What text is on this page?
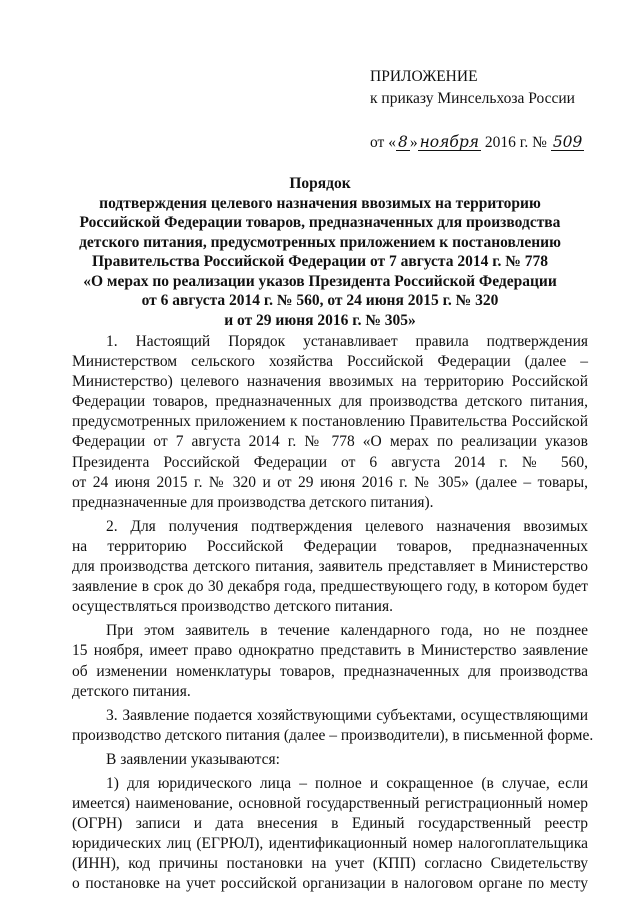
ПРИЛОЖЕНИЕ
к приказу Минсельхоза России
от « 8 » ноября 2016 г. № 509
Порядок
подтверждения целевого назначения ввозимых на территорию
Российской Федерации товаров, предназначенных для производства
детского питания, предусмотренных приложением к постановлению
Правительства Российской Федерации от 7 августа 2014 г. № 778
«О мерах по реализации указов Президента Российской Федерации
от 6 августа 2014 г. № 560, от 24 июня 2015 г. № 320
и от 29 июня 2016 г. № 305»
1. Настоящий Порядок устанавливает правила подтверждения
Министерством сельского хозяйства Российской Федерации (далее –
Министерство) целевого назначения ввозимых на территорию Российской
Федерации товаров, предназначенных для производства детского питания,
предусмотренных приложением к постановлению Правительства Российской
Федерации от 7 августа 2014 г. № 778 «О мерах по реализации указов
Президента Российской Федерации от 6 августа 2014 г. № 560,
от 24 июня 2015 г. № 320 и от 29 июня 2016 г. № 305» (далее – товары,
предназначенные для производства детского питания).
2. Для получения подтверждения целевого назначения ввозимых
на территорию Российской Федерации товаров, предназначенных
для производства детского питания, заявитель представляет в Министерство
заявление в срок до 30 декабря года, предшествующего году, в котором будет
осуществляться производство детского питания.
При этом заявитель в течение календарного года, но не позднее
15 ноября, имеет право однократно представить в Министерство заявление
об изменении номенклатуры товаров, предназначенных для производства
детского питания.
3. Заявление подается хозяйствующими субъектами, осуществляющими
производство детского питания (далее – производители), в письменной форме.
В заявлении указываются:
1) для юридического лица – полное и сокращенное (в случае, если
имеется) наименование, основной государственный регистрационный номер
(ОГРН) записи и дата внесения в Единый государственный реестр
юридических лиц (ЕГРЮЛ), идентификационный номер налогоплательщика
(ИНН), код причины постановки на учет (КПП) согласно Свидетельству
о постановке на учет российской организации в налоговом органе по месту
